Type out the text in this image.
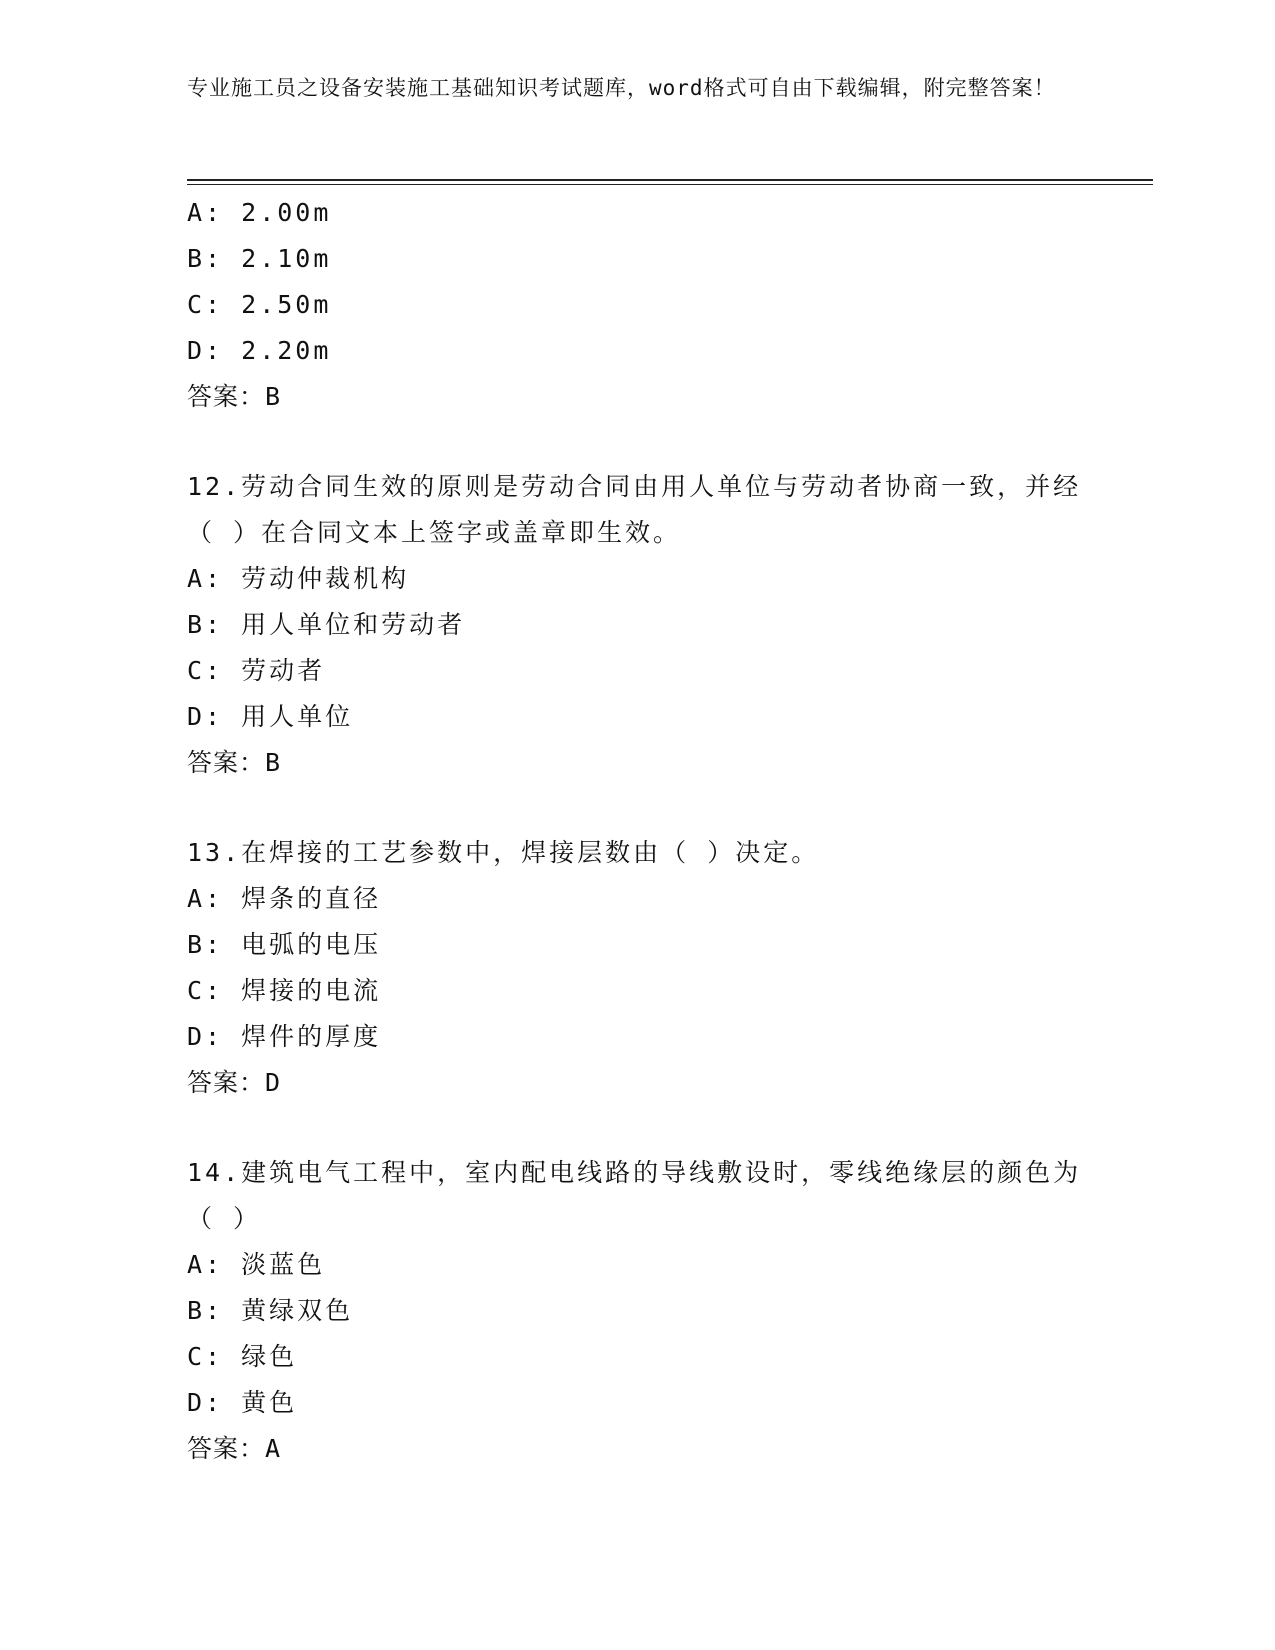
专业施工员之设备安装施工基础知识考试题库，word格式可自由下载编辑，附完整答案！
A: 2.00m
B: 2.10m
C: 2.50m
D: 2.20m
答案：B
12.劳动合同生效的原则是劳动合同由用人单位与劳动者协商一致，并经（ ）在合同文本上签字或盖章即生效。
A: 劳动仲裁机构
B: 用人单位和劳动者
C: 劳动者
D: 用人单位
答案：B
13.在焊接的工艺参数中，焊接层数由（ ）决定。
A: 焊条的直径
B: 电弧的电压
C: 焊接的电流
D: 焊件的厚度
答案：D
14.建筑电气工程中，室内配电线路的导线敷设时，零线绝缘层的颜色为（ ）
A: 淡蓝色
B: 黄绿双色
C: 绿色
D: 黄色
答案：A
